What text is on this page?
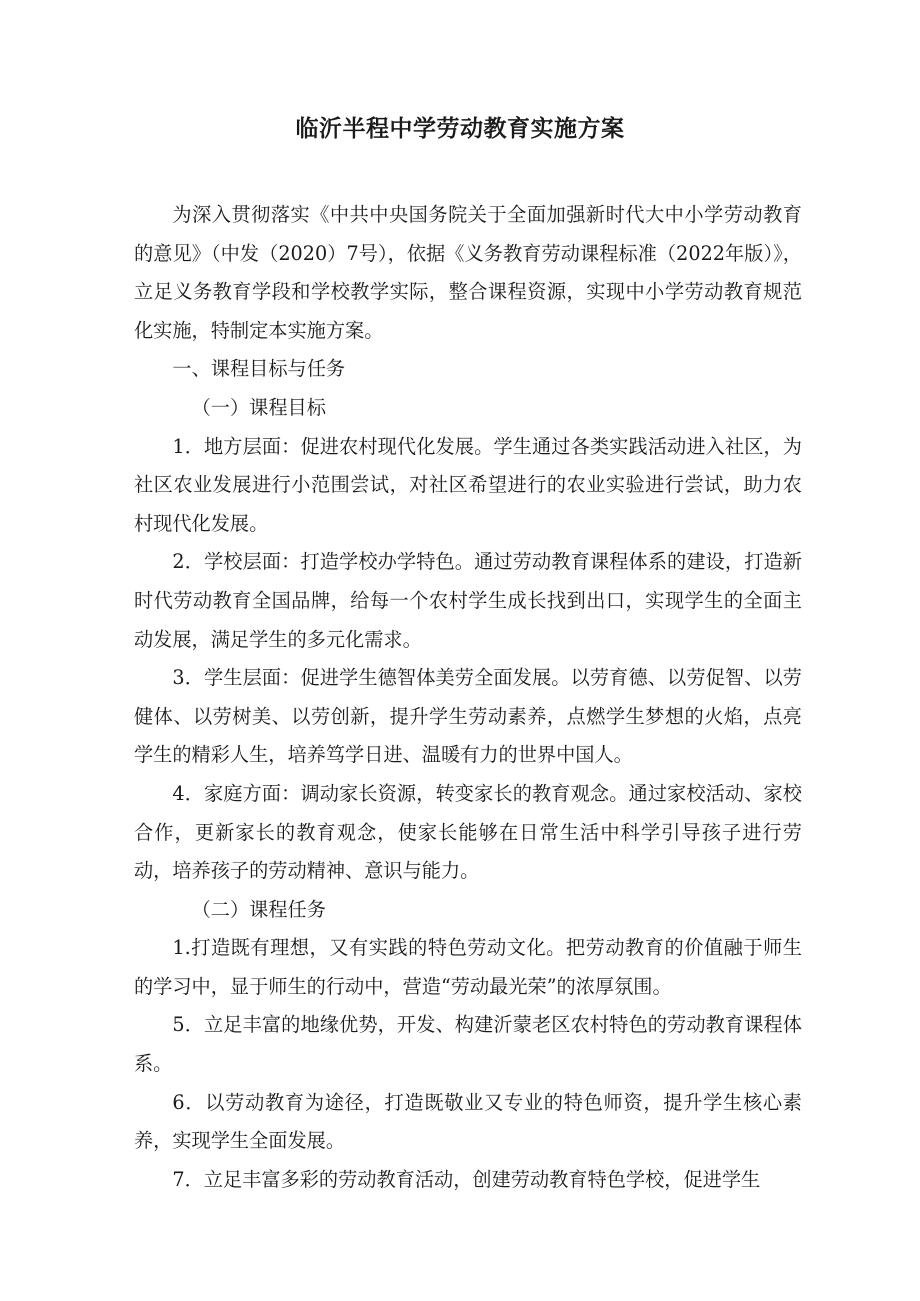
临沂半程中学劳动教育实施方案

为深入贯彻落实《中共中央国务院关于全面加强新时代大中小学劳动教育的意见》（中发（2020）7号），依据《义务教育劳动课程标准（2022年版）》，立足义务教育学段和学校教学实际，整合课程资源，实现中小学劳动教育规范化实施，特制定本实施方案。

一、课程目标与任务

（一）课程目标

1．地方层面：促进农村现代化发展。学生通过各类实践活动进入社区，为社区农业发展进行小范围尝试，对社区希望进行的农业实验进行尝试，助力农村现代化发展。

2．学校层面：打造学校办学特色。通过劳动教育课程体系的建设，打造新时代劳动教育全国品牌，给每一个农村学生成长找到出口，实现学生的全面主动发展，满足学生的多元化需求。

3．学生层面：促进学生德智体美劳全面发展。以劳育德、以劳促智、以劳健体、以劳树美、以劳创新，提升学生劳动素养，点燃学生梦想的火焰，点亮学生的精彩人生，培养笃学日进、温暖有力的世界中国人。

4．家庭方面：调动家长资源，转变家长的教育观念。通过家校活动、家校合作，更新家长的教育观念，使家长能够在日常生活中科学引导孩子进行劳动，培养孩子的劳动精神、意识与能力。

（二）课程任务

1.打造既有理想，又有实践的特色劳动文化。把劳动教育的价值融于师生的学习中，显于师生的行动中，营造“劳动最光荣”的浓厚氛围。

5．立足丰富的地缘优势，开发、构建沂蒙老区农村特色的劳动教育课程体系。

6．以劳动教育为途径，打造既敬业又专业的特色师资，提升学生核心素养，实现学生全面发展。

7．立足丰富多彩的劳动教育活动，创建劳动教育特色学校，促进学生
